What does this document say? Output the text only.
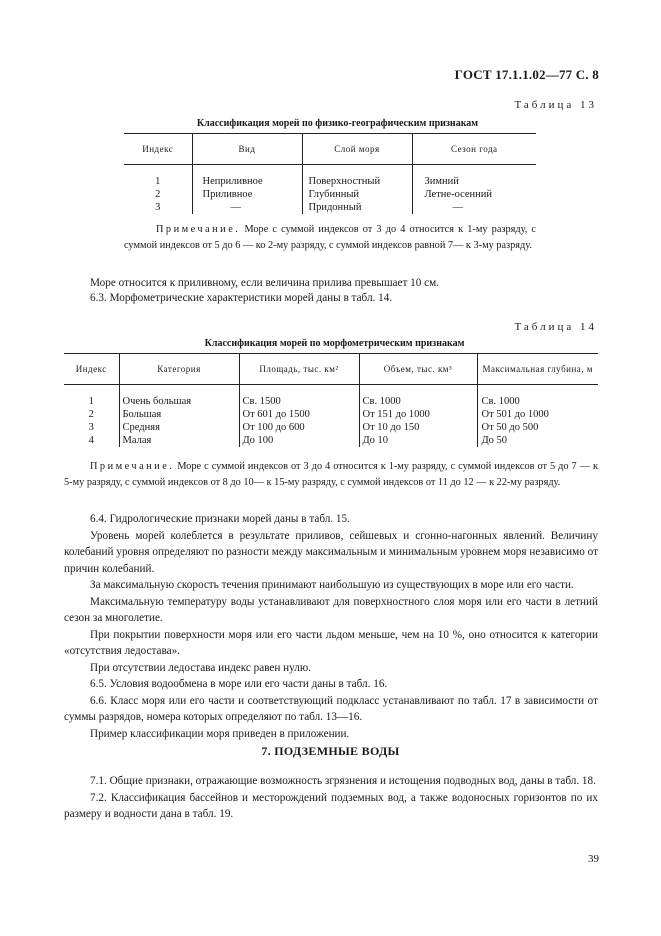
ГОСТ 17.1.1.02—77 С. 8
Таблица 13
Классификация морей по физико-географическим признакам
Индекс	Вид	Слой моря	Сезон года
1	Неприливное	Поверхностный	Зимний
2	Приливное	Глубинный	Летне-осенний
3	—	Придонный	—
Примечание. Море с суммой индексов от 3 до 4 относится к 1-му разряду, с суммой индексов от 5 до 6 — ко 2-му разряду, с суммой индексов равной 7— к 3-му разряду.
Море относится к приливному, если величина прилива превышает 10 см.
6.3. Морфометрические характеристики морей даны в табл. 14.
Таблица 14
Классификация морей по морфометрическим признакам
Индекс	Категория	Площадь, тыс. км²	Объем, тыс. км³	Максимальная глубина, м
1	Очень большая	Св. 1500	Св. 1000	Св. 1000
2	Большая	От 601 до 1500	От 151 до 1000	От 501 до 1000
3	Средняя	От 100 до 600	От 10 до 150	От 50 до 500
4	Малая	До 100	До 10	До 50
Примечание. Море с суммой индексов от 3 до 4 относится к 1-му разряду, с суммой индексов от 5 до 7 — к 5-му разряду, с суммой индексов от 8 до 10— к 15-му разряду, с суммой индексов от 11 до 12 — к 22-му разряду.
6.4. Гидрологические признаки морей даны в табл. 15.
Уровень морей колеблется в результате приливов, сейшевых и сгонно-нагонных явлений. Величину колебаний уровня определяют по разности между максимальным и минимальным уровнем моря независимо от причин колебаний.
За максимальную скорость течения принимают наибольшую из существующих в море или его части.
Максимальную температуру воды устанавливают для поверхностного слоя моря или его части в летний сезон за многолетие.
При покрытии поверхности моря или его части льдом меньше, чем на 10 %, оно относится к категории «отсутствия ледостава».
При отсутствии ледостава индекс равен нулю.
6.5. Условия водообмена в море или его части даны в табл. 16.
6.6. Класс моря или его части и соответствующий подкласс устанавливают по табл. 17 в зависимости от суммы разрядов, номера которых определяют по табл. 13—16.
Пример классификации моря приведен в приложении.
7. ПОДЗЕМНЫЕ ВОДЫ
7.1. Общие признаки, отражающие возможность згрязнения и истощения подводных вод, даны в табл. 18.
7.2. Классификация бассейнов и месторождений подземных вод, а также водоносных горизонтов по их размеру и водности дана в табл. 19.
39
